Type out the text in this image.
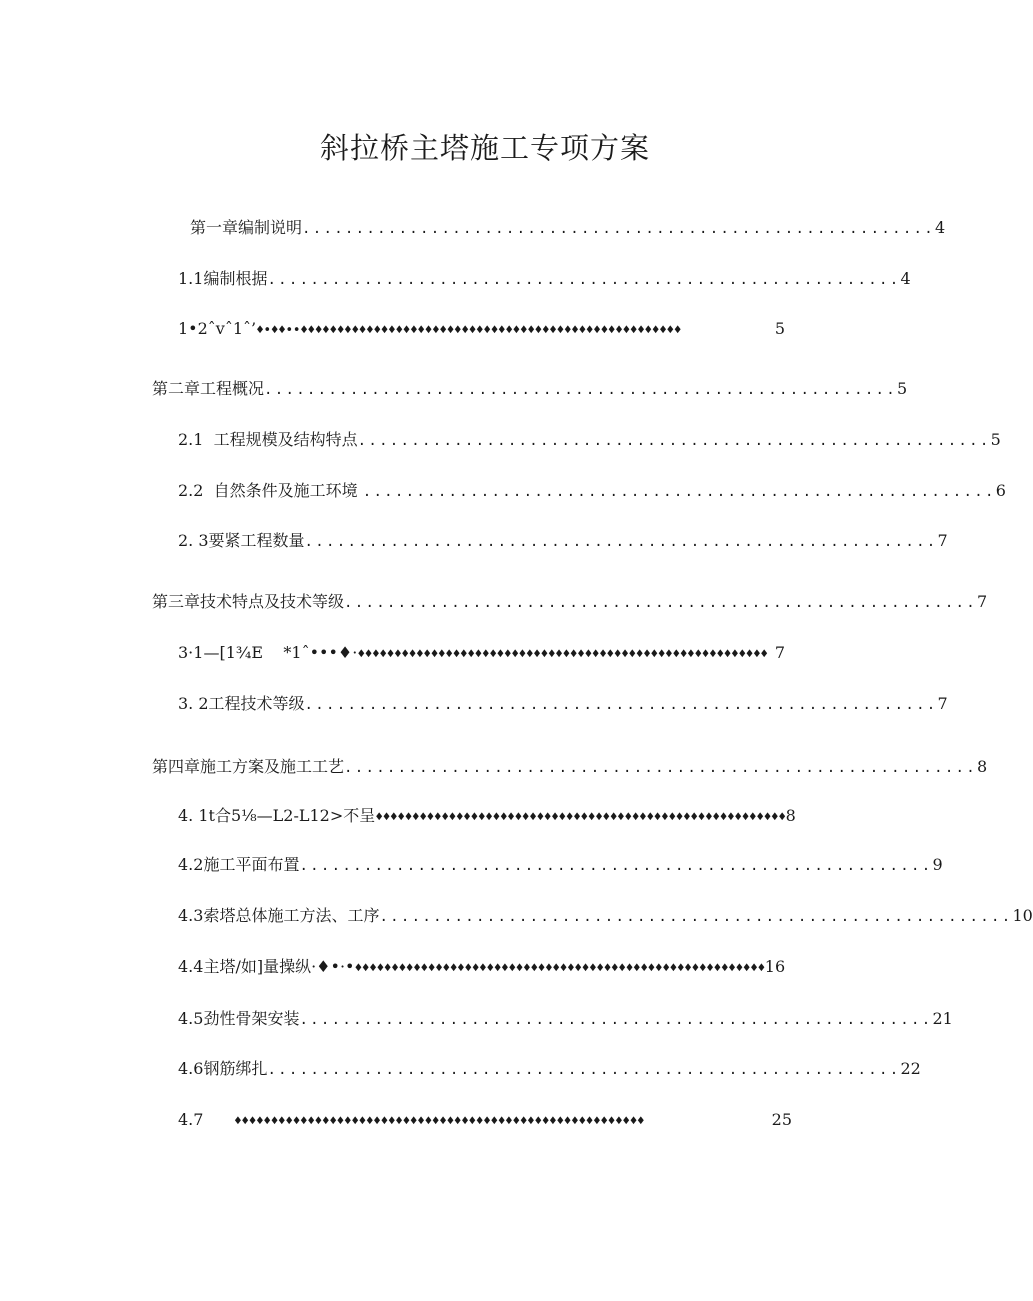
斜拉桥主塔施工专项方案
第一章编制说明 ........................................................... 4
1.1编制根据 ........................................................... 4
1•2ˆvˆ1ˆ’ ♦•♦♦••♦♦♦♦♦♦♦♦♦♦♦♦♦♦♦♦♦♦♦♦♦♦♦♦♦♦♦♦♦♦♦♦♦♦♦♦♦♦♦♦♦♦♦♦♦♦♦♦♦♦♦♦	5
第二章工程概况 ........................................................... 5
2.1  工程规模及结构特点 ........................................................... 5
2.2  自然条件及施工环境 ........................................................... 6
2. 3要紧工程数量 ........................................................... 7
第三章技术特点及技术等级 ........................................................... 7
3·1—[1¾E    *1ˆ•••♦· ♦♦♦♦♦♦♦♦♦♦♦♦♦♦♦♦♦♦♦♦♦♦♦♦♦♦♦♦♦♦♦♦♦♦♦♦♦♦♦♦♦♦♦♦♦♦♦♦♦♦♦♦♦♦♦♦ 7
3. 2工程技术等级 ........................................................... 7
第四章施工方案及施工工艺 ........................................................... 8
4. 1t合5⅛—L2-L12>不呈 ♦♦♦♦♦♦♦♦♦♦♦♦♦♦♦♦♦♦♦♦♦♦♦♦♦♦♦♦♦♦♦♦♦♦♦♦♦♦♦♦♦♦♦♦♦♦♦♦♦♦♦♦♦♦♦♦ 8
4.2施工平面布置 ........................................................... 9
4.3索塔总体施工方法、工序 ........................................................... 10
4.4主塔/如]量操纵·♦•·• ♦♦♦♦♦♦♦♦♦♦♦♦♦♦♦♦♦♦♦♦♦♦♦♦♦♦♦♦♦♦♦♦♦♦♦♦♦♦♦♦♦♦♦♦♦♦♦♦♦♦♦♦♦♦♦♦ 16
4.5劲性骨架安装 ........................................................... 21
4.6钢筋绑扎 ........................................................... 22
4.7 ♦♦♦♦♦♦♦♦♦♦♦♦♦♦♦♦♦♦♦♦♦♦♦♦♦♦♦♦♦♦♦♦♦♦♦♦♦♦♦♦♦♦♦♦♦♦♦♦♦♦♦♦♦♦♦♦	25
